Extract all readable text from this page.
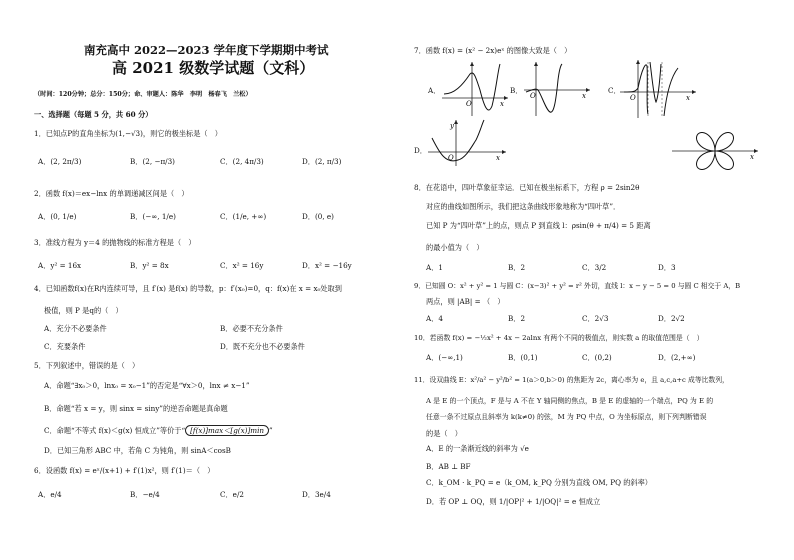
南充高中 2022—2023 学年度下学期期中考试
高 2021 级数学试题（文科）
（时间：120分钟；总分：150分；命、审题人：陈华　李明　杨春飞　兰松）
一、选择题（每题 5 分，共 60 分）
1．已知点P的直角坐标为(1,−√3)，则它的极坐标是（　）
A．(2, 2π/3)	B．(2, −π/3)	C．(2, 4π/3)	D．(2, π/3)
2．函数 f(x)＝ex−lnx 的单调递减区间是（　）
A．(0, 1/e)	B．(−∞, 1/e)	C．(1/e, +∞)	D．(0, e)
3．准线方程为 y＝4 的抛物线的标准方程是（　）
A．y² = 16x	B．y² = 8x	C．x² = 16y	D．x² = −16y
4．已知函数f(x)在R内连续可导，且 f′(x) 是f(x) 的导数，p：f′(x₀)=0，q：f(x)在 x = x₀处取到
极值，则 P 是q的（　）
A．充分不必要条件	B．必要不充分条件
C．充要条件	D．既不充分也不必要条件
5．下列叙述中，错误的是（　）
A．命题“∃x₀＞0，lnx₀ = x₀−1”的否定是“∀x＞0，lnx ≠ x−1”
B．命题“若 x = y，则 sinx = siny”的逆否命题是真命题
C．命题“不等式 f(x)＜g(x) 恒成立”等价于“ [f(x)]max＜[g(x)]min ”
D．已知三角形 ABC 中，若角 C 为钝角，则 sinA＜cosB
6．设函数 f(x) = eˣ/(x+1) + f′(1)x²，则 f′(1)＝（　）
A．e/4	B．−e/4	C．e/2	D．3e/4
7．函数 f(x) = (x² − 2x)eˣ 的图像大致是（　）
A．
O	x
B．
O	x
C．
O	x
D．
y
O	x	x
8．在花语中，四叶草象征幸运．已知在极坐标系下，方程 ρ = 2sin2θ
对应的曲线如图所示，我们把这条曲线形象地称为“四叶草”．
已知 P 为“四叶草”上的点，则点 P 到直线 l：ρsin(θ + π/4) = 5 距离
的最小值为（　）
A．1	B．2	C．3/2	D．3
9．已知圆 O：x² + y² = 1 与圆 C：(x−3)² + y² = r² 外切，直线 l：x − y − 5 = 0 与圆 C 相交于 A，B
两点，则 |AB| = （　）
A．4	B．2	C．2√3	D．2√2
10．若函数 f(x) = −½x² + 4x − 2alnx 有两个不同的极值点，则实数 a 的取值范围是（　）
A．(−∞,1)	B．(0,1)	C．(0,2)	D．(2,+∞)
11．设双曲线 E：x²/a² − y²/b² = 1(a＞0,b＞0) 的焦距为 2c，离心率为 e，且 a,c,a+c 成等比数列，
A 是 E 的一个顶点，F 是与 A 不在 Y 轴同侧的焦点，B 是 E 的虚轴的一个端点，PQ 为 E 的
任意一条不过原点且斜率为 k(k≠0) 的弦，M 为 PQ 中点，O 为坐标原点，则下列判断错误
的是（　）
A．E 的一条渐近线的斜率为 √e
B．AB ⊥ BF
C．k_OM · k_PQ = e（k_OM, k_PQ 分别为直线 OM, PQ 的斜率）
D．若 OP ⊥ OQ，则 1/|OP|² + 1/|OQ|² = e 恒成立
